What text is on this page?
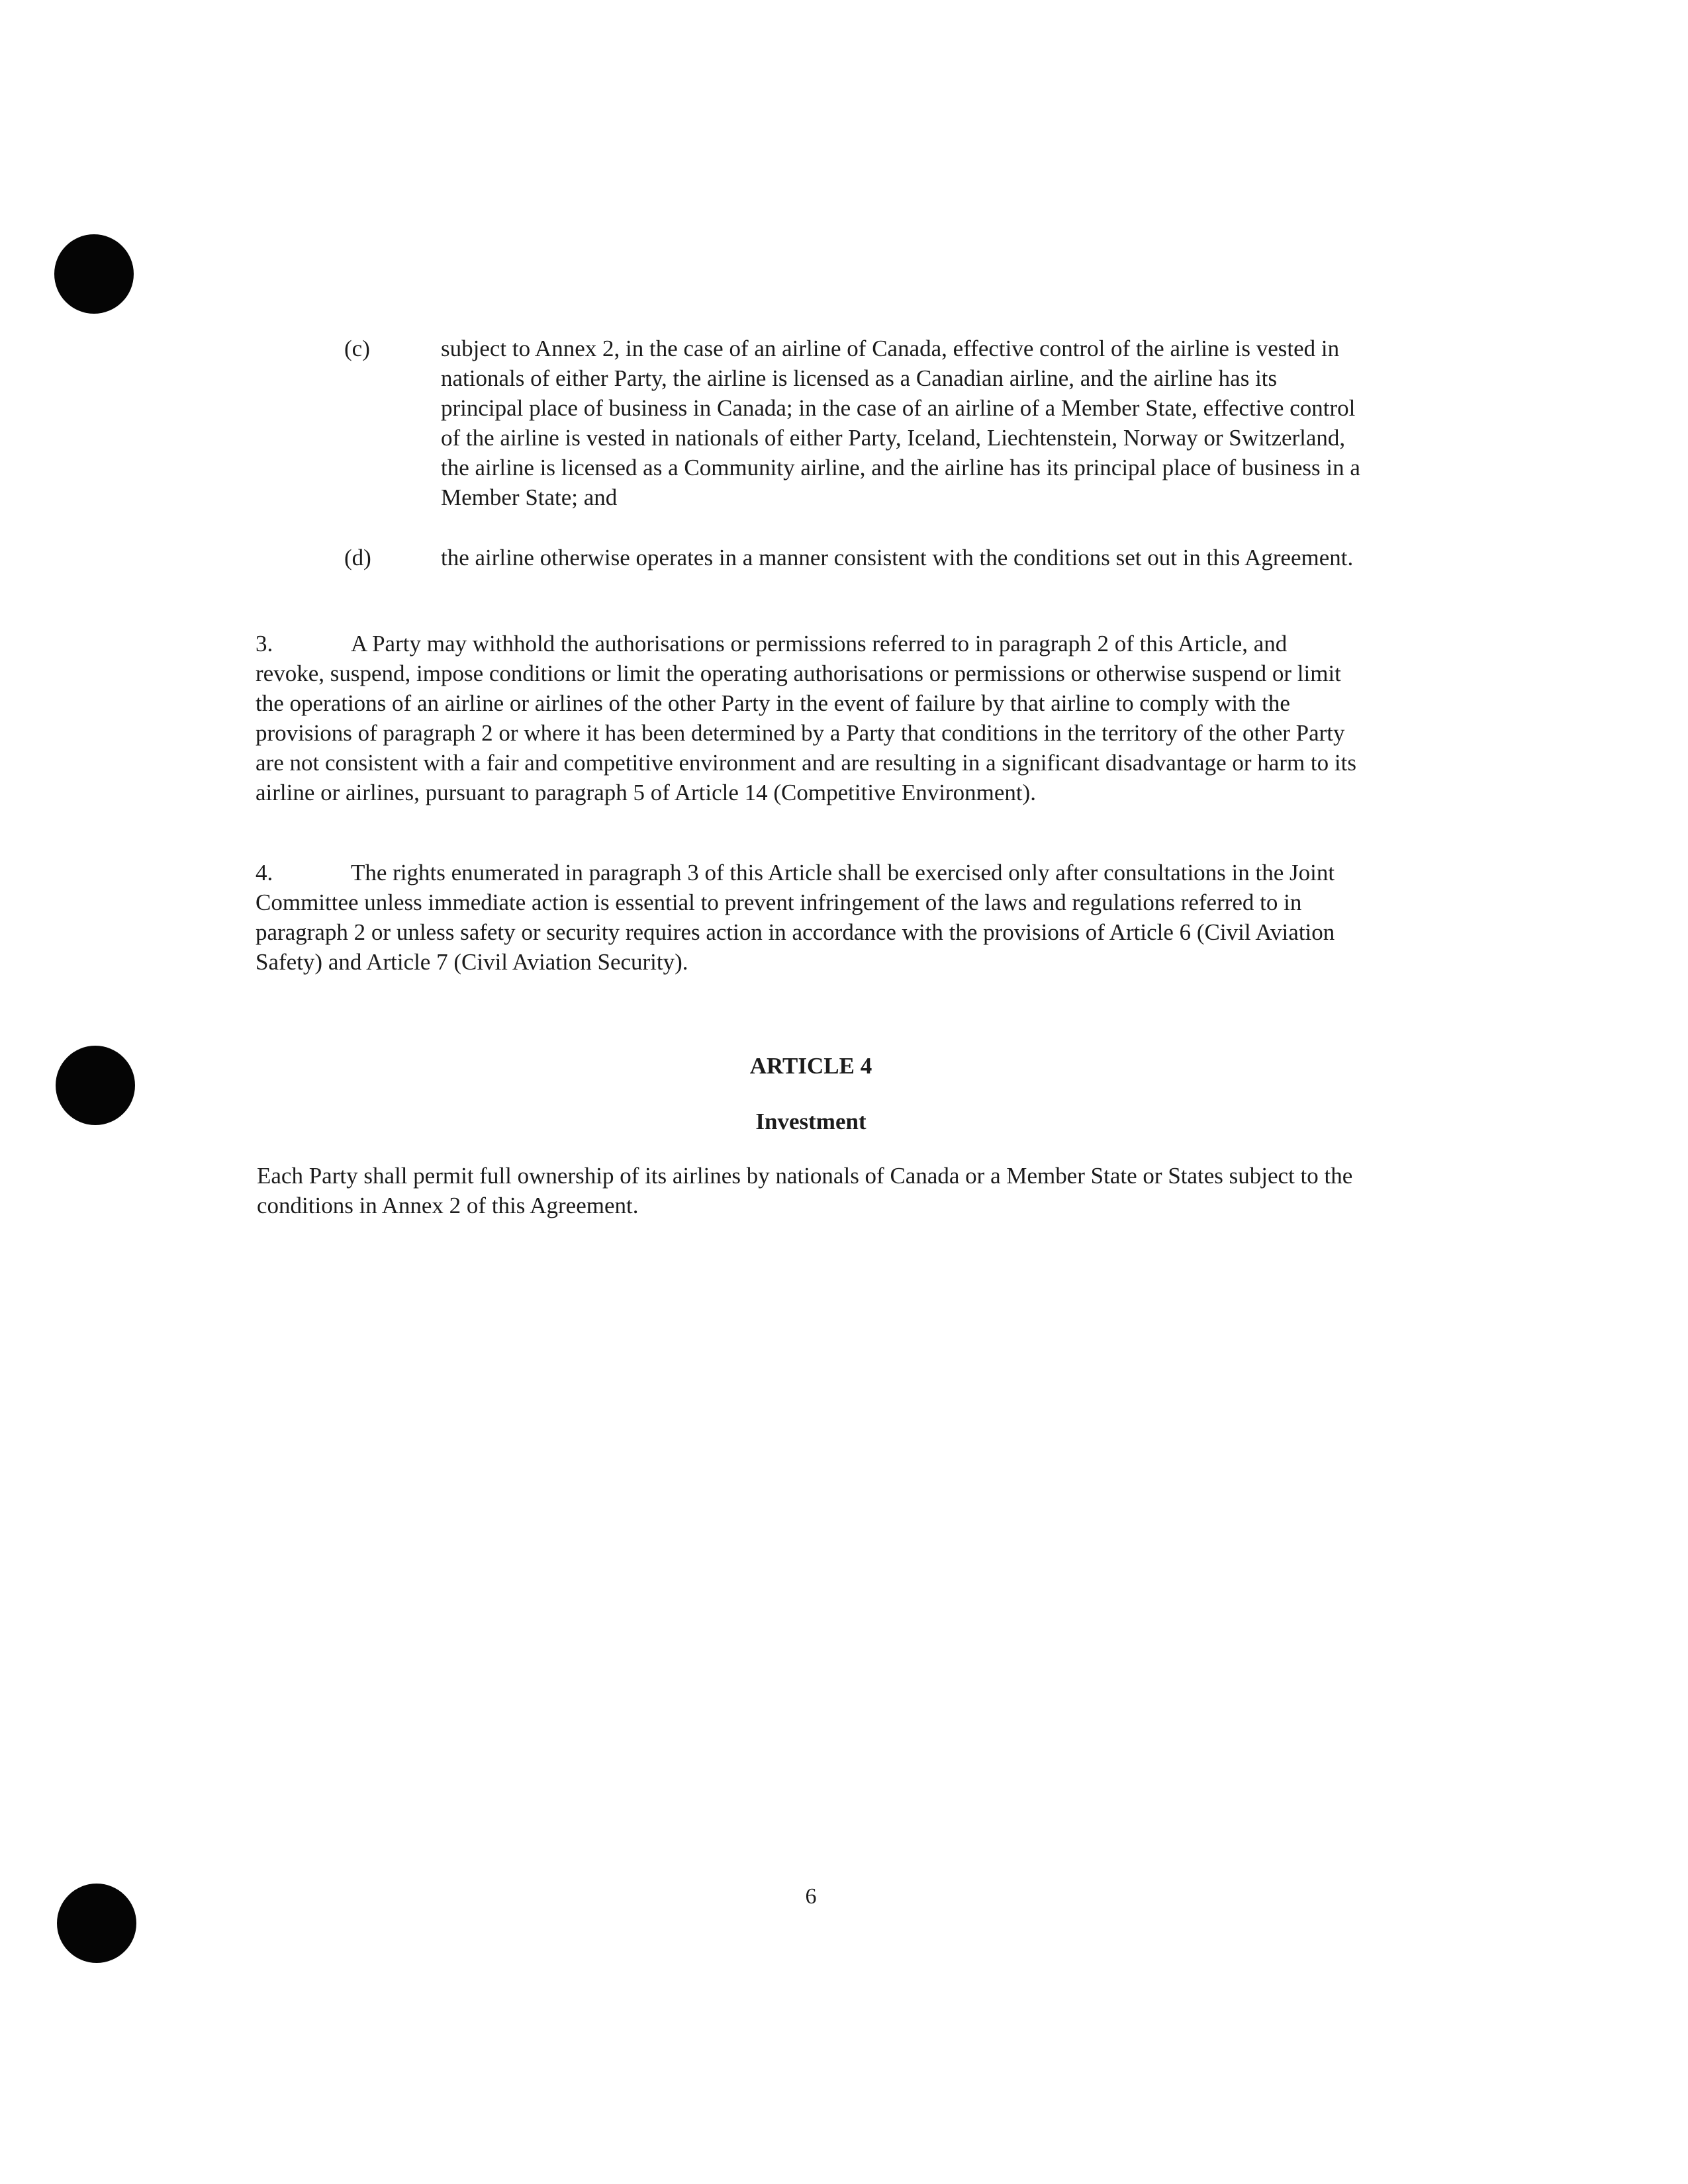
(c)	subject to Annex 2, in the case of an airline of Canada, effective control of the airline is vested in nationals of either Party, the airline is licensed as a Canadian airline, and the airline has its principal place of business in Canada; in the case of an airline of a Member State, effective control of the airline is vested in nationals of either Party, Iceland, Liechtenstein, Norway or Switzerland, the airline is licensed as a Community airline, and the airline has its principal place of business in a Member State; and
(d)	the airline otherwise operates in a manner consistent with the conditions set out in this Agreement.
3.	A Party may withhold the authorisations or permissions referred to in paragraph 2 of this Article, and revoke, suspend, impose conditions or limit the operating authorisations or permissions or otherwise suspend or limit the operations of an airline or airlines of the other Party in the event of failure by that airline to comply with the provisions of paragraph 2 or where it has been determined by a Party that conditions in the territory of the other Party are not consistent with a fair and competitive environment and are resulting in a significant disadvantage or harm to its airline or airlines, pursuant to paragraph 5 of Article 14 (Competitive Environment).
4.	The rights enumerated in paragraph 3 of this Article shall be exercised only after consultations in the Joint Committee unless immediate action is essential to prevent infringement of the laws and regulations referred to in paragraph 2 or unless safety or security requires action in accordance with the provisions of Article 6 (Civil Aviation Safety) and Article 7 (Civil Aviation Security).
ARTICLE 4
Investment
Each Party shall permit full ownership of its airlines by nationals of Canada or a Member State or States subject to the conditions in Annex 2 of this Agreement.
6
